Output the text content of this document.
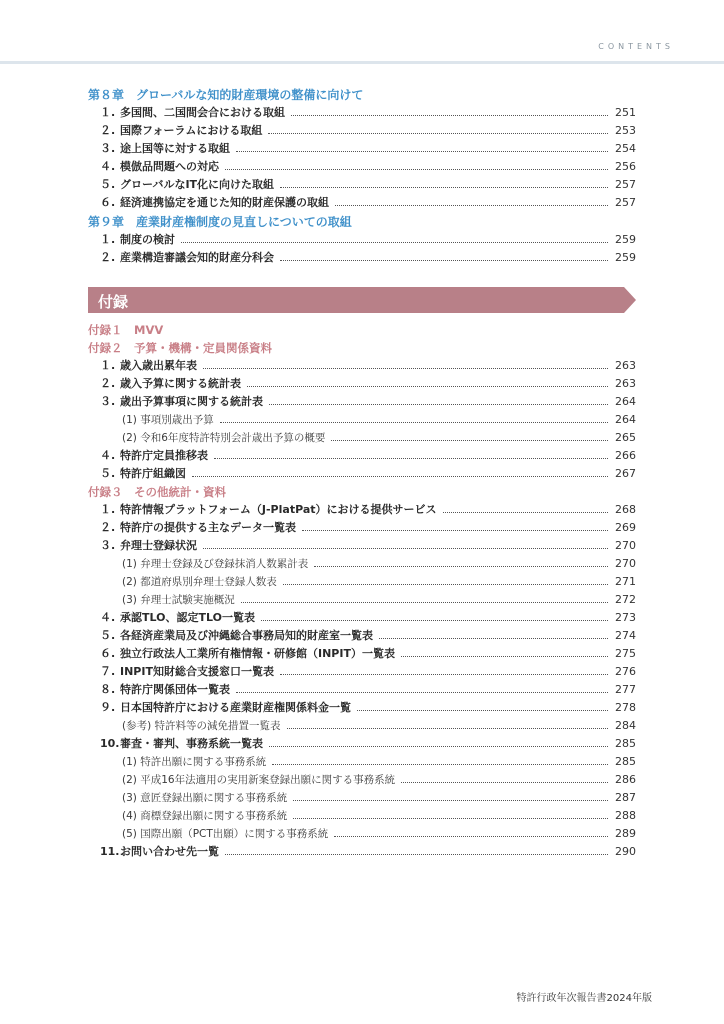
CONTENTS
第８章　グローバルな知的財産環境の整備に向けて
１. 多国間、二国間会合における取組	251
２. 国際フォーラムにおける取組	253
３. 途上国等に対する取組	254
４. 模倣品問題への対応	256
５. グローバルなIT化に向けた取組	257
６. 経済連携協定を通じた知的財産保護の取組	257
第９章　産業財産権制度の見直しについての取組
１. 制度の検討	259
２. 産業構造審議会知的財産分科会	259
付録
付録１　MVV
付録２　予算・機構・定員関係資料
１. 歳入歳出累年表	263
２. 歳入予算に関する統計表	263
３. 歳出予算事項に関する統計表	264
(1) 事項別歳出予算	264
(2) 令和6年度特許特別会計歳出予算の概要	265
４. 特許庁定員推移表	266
５. 特許庁組織図	267
付録３　その他統計・資料
１. 特許情報プラットフォーム（J-PlatPat）における提供サービス	268
２. 特許庁の提供する主なデータ一覧表	269
３. 弁理士登録状況	270
(1) 弁理士登録及び登録抹消人数累計表	270
(2) 都道府県別弁理士登録人数表	271
(3) 弁理士試験実施概況	272
４. 承認TLO、認定TLO一覧表	273
５. 各経済産業局及び沖縄総合事務局知的財産室一覧表	274
６. 独立行政法人工業所有権情報・研修館（INPIT）一覧表	275
７. INPIT知財総合支援窓口一覧表	276
８. 特許庁関係団体一覧表	277
９. 日本国特許庁における産業財産権関係料金一覧	278
(参考) 特許料等の減免措置一覧表	284
10.審査・審判、事務系統一覧表	285
(1) 特許出願に関する事務系統	285
(2) 平成16年法適用の実用新案登録出願に関する事務系統	286
(3) 意匠登録出願に関する事務系統	287
(4) 商標登録出願に関する事務系統	288
(5) 国際出願（PCT出願）に関する事務系統	289
11.お問い合わせ先一覧	290
特許行政年次報告書2024年版
